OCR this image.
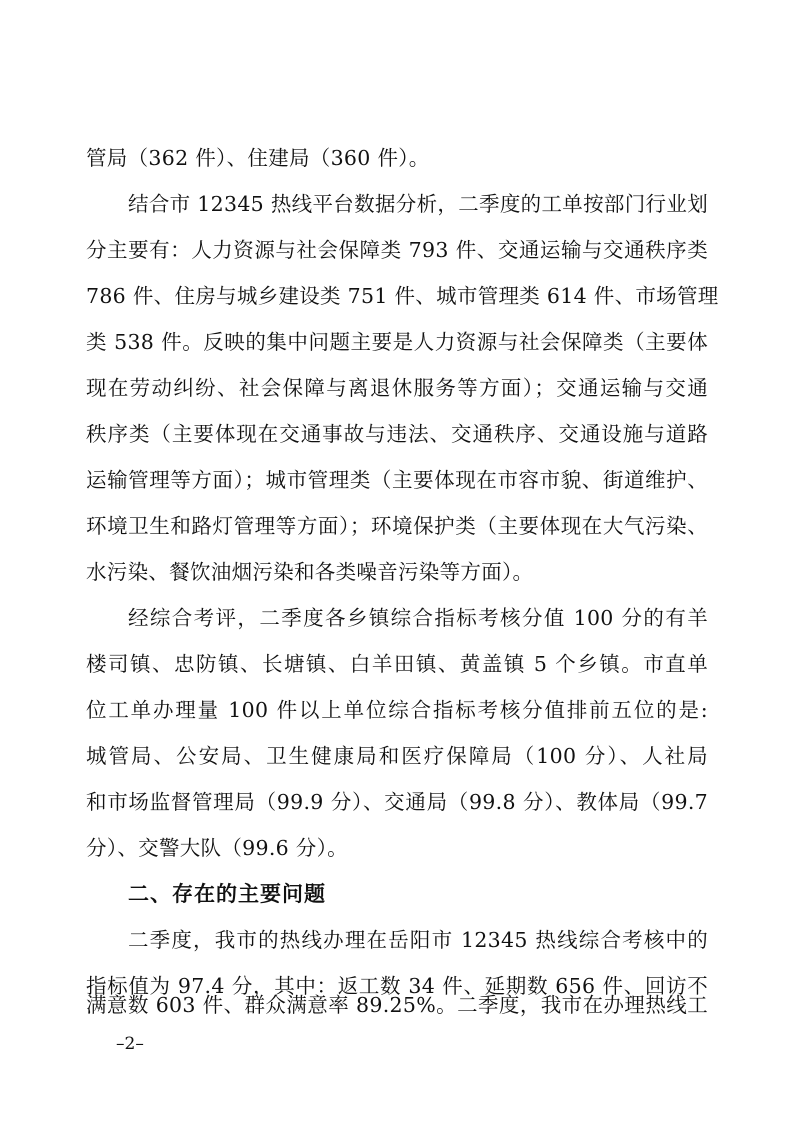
管局（362 件）、住建局（360 件）。
结合市 12345 热线平台数据分析，二季度的工单按部门行业划
分主要有：人力资源与社会保障类 793 件、交通运输与交通秩序类
786 件、住房与城乡建设类 751 件、城市管理类 614 件、市场管理
类 538 件。反映的集中问题主要是人力资源与社会保障类（主要体
现在劳动纠纷、社会保障与离退休服务等方面）；交通运输与交通
秩序类（主要体现在交通事故与违法、交通秩序、交通设施与道路
运输管理等方面）；城市管理类（主要体现在市容市貌、街道维护、
环境卫生和路灯管理等方面）；环境保护类（主要体现在大气污染、
水污染、餐饮油烟污染和各类噪音污染等方面）。
经综合考评，二季度各乡镇综合指标考核分值 100 分的有羊
楼司镇、忠防镇、长塘镇、白羊田镇、黄盖镇 5 个乡镇。市直单
位工单办理量 100 件以上单位综合指标考核分值排前五位的是:
城管局、公安局、卫生健康局和医疗保障局（100 分）、人社局
和市场监督管理局（99.9 分）、交通局（99.8 分）、教体局（99.7
分）、交警大队（99.6 分）。
二、存在的主要问题
二季度，我市的热线办理在岳阳市 12345 热线综合考核中的
指标值为 97.4 分，其中：返工数 34 件、延期数 656 件、回访不
满意数 603 件、群众满意率 89.25%。二季度，我市在办理热线工
–2–
